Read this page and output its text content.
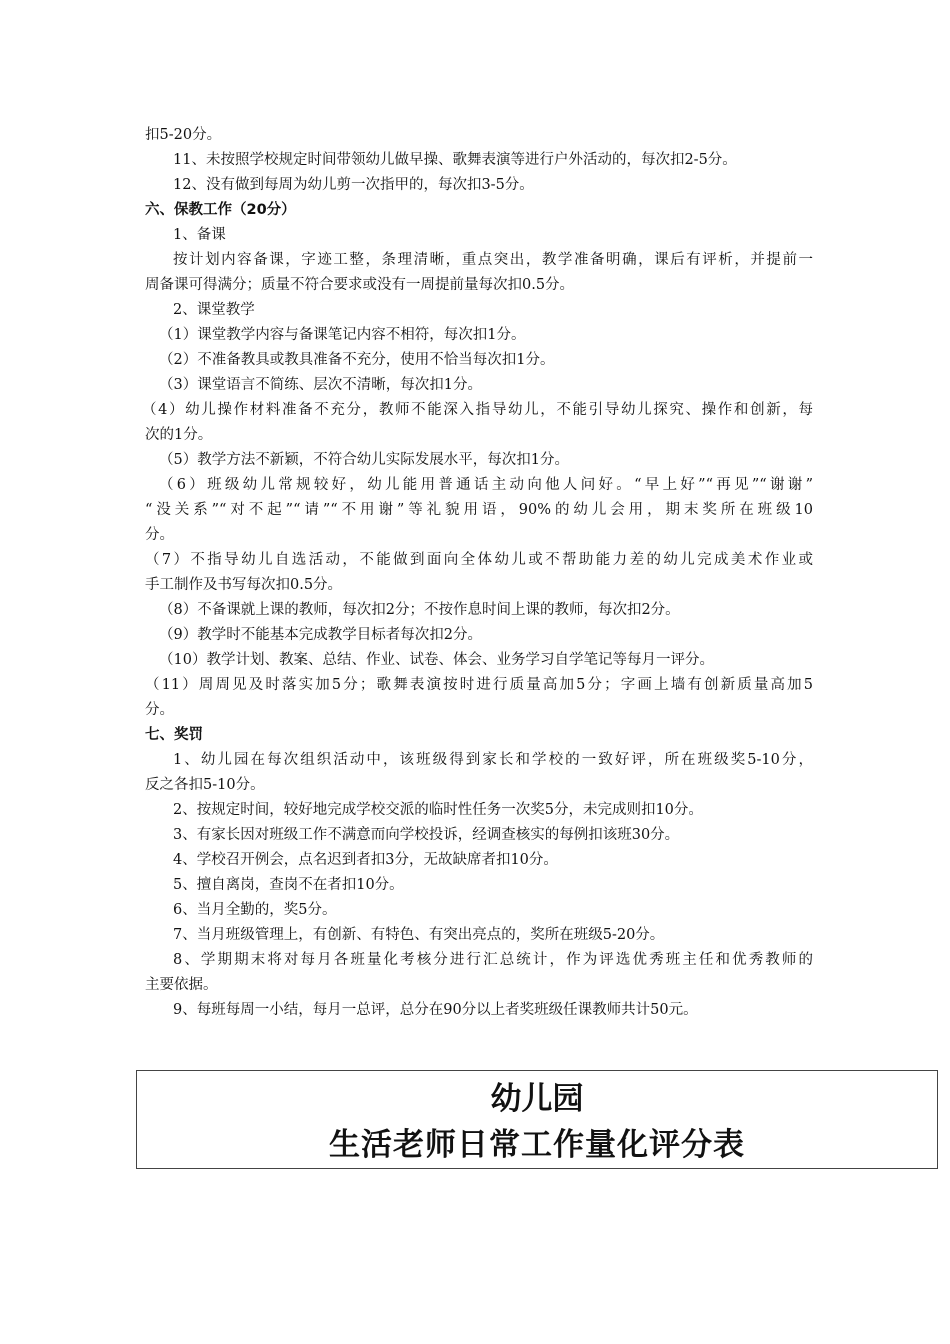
扣5-20分。
11、未按照学校规定时间带领幼儿做早操、歌舞表演等进行户外活动的，每次扣2-5分。
12、没有做到每周为幼儿剪一次指甲的，每次扣3-5分。
六、保教工作（20分）
1、备课
按计划内容备课，字迹工整，条理清晰，重点突出，教学准备明确，课后有评析，并提前一
周备课可得满分；质量不符合要求或没有一周提前量每次扣0.5分。
2、课堂教学
（1）课堂教学内容与备课笔记内容不相符，每次扣1分。
（2）不准备教具或教具准备不充分，使用不恰当每次扣1分。
（3）课堂语言不简练、层次不清晰，每次扣1分。
（4）幼儿操作材料准备不充分，教师不能深入指导幼儿，不能引导幼儿探究、操作和创新，每
次的1分。
（5）教学方法不新颖，不符合幼儿实际发展水平，每次扣1分。
（6）班级幼儿常规较好，幼儿能用普通话主动向他人问好。“早上好”“再见”“谢谢”
“没关系”“对不起”“请”“不用谢”等礼貌用语，90%的幼儿会用，期末奖所在班级10
分。
（7）不指导幼儿自选活动，不能做到面向全体幼儿或不帮助能力差的幼儿完成美术作业或
手工制作及书写每次扣0.5分。
（8）不备课就上课的教师，每次扣2分；不按作息时间上课的教师，每次扣2分。
（9）教学时不能基本完成教学目标者每次扣2分。
（10）教学计划、教案、总结、作业、试卷、体会、业务学习自学笔记等每月一评分。
（11）周周见及时落实加5分；歌舞表演按时进行质量高加5分；字画上墙有创新质量高加5
分。
七、奖罚
1、幼儿园在每次组织活动中，该班级得到家长和学校的一致好评，所在班级奖5-10分，
反之各扣5-10分。
2、按规定时间，较好地完成学校交派的临时性任务一次奖5分，未完成则扣10分。
3、有家长因对班级工作不满意而向学校投诉，经调查核实的每例扣该班30分。
4、学校召开例会，点名迟到者扣3分，无故缺席者扣10分。
5、擅自离岗，查岗不在者扣10分。
6、当月全勤的，奖5分。
7、当月班级管理上，有创新、有特色、有突出亮点的，奖所在班级5-20分。
8、学期期末将对每月各班量化考核分进行汇总统计，作为评选优秀班主任和优秀教师的
主要依据。
9、每班每周一小结，每月一总评，总分在90分以上者奖班级任课教师共计50元。
幼儿园
生活老师日常工作量化评分表
